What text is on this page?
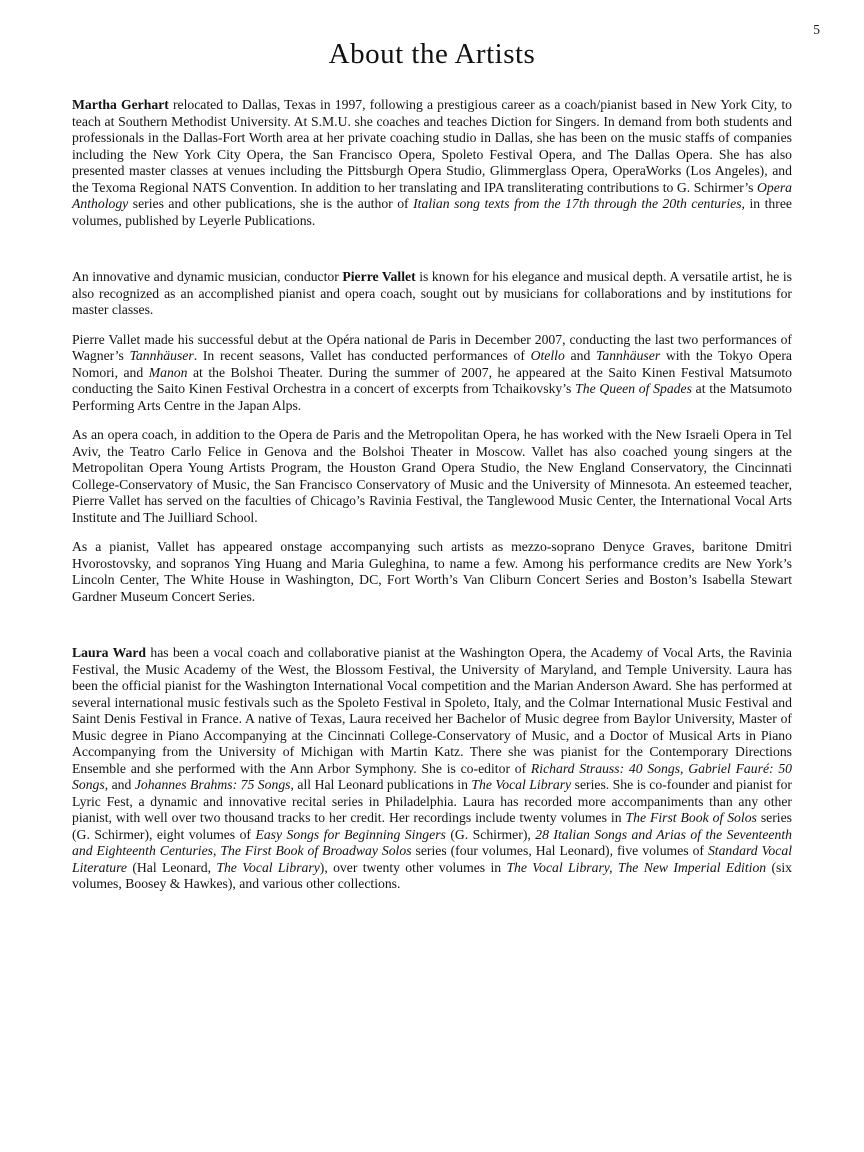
5
About the Artists

Martha Gerhart relocated to Dallas, Texas in 1997, following a prestigious career as a coach/pianist based in New York City, to teach at Southern Methodist University. At S.M.U. she coaches and teaches Diction for Singers. In demand from both students and professionals in the Dallas-Fort Worth area at her private coaching studio in Dallas, she has been on the music staffs of companies including the New York City Opera, the San Francisco Opera, Spoleto Festival Opera, and The Dallas Opera. She has also presented master classes at venues including the Pittsburgh Opera Studio, Glimmerglass Opera, OperaWorks (Los Angeles), and the Texoma Regional NATS Convention. In addition to her translating and IPA transliterating contributions to G. Schirmer’s Opera Anthology series and other publications, she is the author of Italian song texts from the 17th through the 20th centuries, in three volumes, published by Leyerle Publications.

An innovative and dynamic musician, conductor Pierre Vallet is known for his elegance and musical depth. A versatile artist, he is also recognized as an accomplished pianist and opera coach, sought out by musicians for collaborations and by institutions for master classes.

Pierre Vallet made his successful debut at the Opéra national de Paris in December 2007, conducting the last two performances of Wagner’s Tannhäuser. In recent seasons, Vallet has conducted performances of Otello and Tannhäuser with the Tokyo Opera Nomori, and Manon at the Bolshoi Theater. During the summer of 2007, he appeared at the Saito Kinen Festival Matsumoto conducting the Saito Kinen Festival Orchestra in a concert of excerpts from Tchaikovsky’s The Queen of Spades at the Matsumoto Performing Arts Centre in the Japan Alps.

As an opera coach, in addition to the Opera de Paris and the Metropolitan Opera, he has worked with the New Israeli Opera in Tel Aviv, the Teatro Carlo Felice in Genova and the Bolshoi Theater in Moscow. Vallet has also coached young singers at the Metropolitan Opera Young Artists Program, the Houston Grand Opera Studio, the New England Conservatory, the Cincinnati College-Conservatory of Music, the San Francisco Conservatory of Music and the University of Minnesota. An esteemed teacher, Pierre Vallet has served on the faculties of Chicago’s Ravinia Festival, the Tanglewood Music Center, the International Vocal Arts Institute and The Juilliard School.

As a pianist, Vallet has appeared onstage accompanying such artists as mezzo-soprano Denyce Graves, baritone Dmitri Hvorostovsky, and sopranos Ying Huang and Maria Guleghina, to name a few. Among his performance credits are New York’s Lincoln Center, The White House in Washington, DC, Fort Worth’s Van Cliburn Concert Series and Boston’s Isabella Stewart Gardner Museum Concert Series.

Laura Ward has been a vocal coach and collaborative pianist at the Washington Opera, the Academy of Vocal Arts, the Ravinia Festival, the Music Academy of the West, the Blossom Festival, the University of Maryland, and Temple University. Laura has been the official pianist for the Washington International Vocal competition and the Marian Anderson Award. She has performed at several international music festivals such as the Spoleto Festival in Spoleto, Italy, and the Colmar International Music Festival and Saint Denis Festival in France. A native of Texas, Laura received her Bachelor of Music degree from Baylor University, Master of Music degree in Piano Accompanying at the Cincinnati College-Conservatory of Music, and a Doctor of Musical Arts in Piano Accompanying from the University of Michigan with Martin Katz. There she was pianist for the Contemporary Directions Ensemble and she performed with the Ann Arbor Symphony. She is co-editor of Richard Strauss: 40 Songs, Gabriel Fauré: 50 Songs, and Johannes Brahms: 75 Songs, all Hal Leonard publications in The Vocal Library series. She is co-founder and pianist for Lyric Fest, a dynamic and innovative recital series in Philadelphia. Laura has recorded more accompaniments than any other pianist, with well over two thousand tracks to her credit. Her recordings include twenty volumes in The First Book of Solos series (G. Schirmer), eight volumes of Easy Songs for Beginning Singers (G. Schirmer), 28 Italian Songs and Arias of the Seventeenth and Eighteenth Centuries, The First Book of Broadway Solos series (four volumes, Hal Leonard), five volumes of Standard Vocal Literature (Hal Leonard, The Vocal Library), over twenty other volumes in The Vocal Library, The New Imperial Edition (six volumes, Boosey & Hawkes), and various other collections.
